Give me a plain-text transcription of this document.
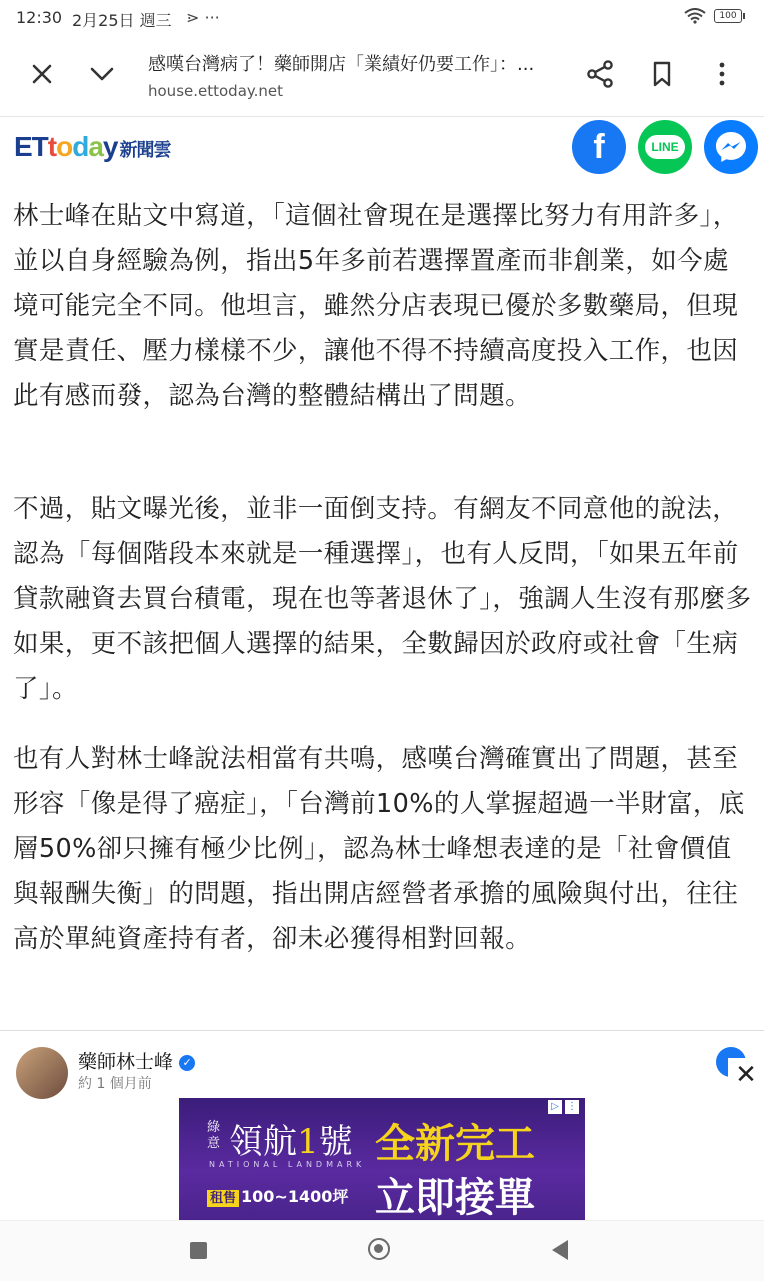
12:30 2月25日 週三 ⋗ ···	100
感嘆台灣病了！藥師開店「業績好仍要工作」：...
house.ettoday.net
ET t o d a y 新聞雲	f	LINE

林士峰在貼文中寫道，「這個社會現在是選擇比努力有用許多」，並以自身經驗為例，指出5年多前若選擇置產而非創業，如今處境可能完全不同。他坦言，雖然分店表現已優於多數藥局，但現實是責任、壓力樣樣不少，讓他不得不持續高度投入工作，也因此有感而發，認為台灣的整體結構出了問題。

不過，貼文曝光後，並非一面倒支持。有網友不同意他的說法，認為「每個階段本來就是一種選擇」，也有人反問，「如果五年前貸款融資去買台積電，現在也等著退休了」，強調人生沒有那麼多如果，更不該把個人選擇的結果，全數歸因於政府或社會「生病了」。

也有人對林士峰說法相當有共鳴，感嘆台灣確實出了問題，甚至形容「像是得了癌症」，「台灣前10%的人掌握超過一半財富，底層50%卻只擁有極少比例」，認為林士峰想表達的是「社會價值與報酬失衡」的問題，指出開店經營者承擔的風險與付出，往往高於單純資產持有者，卻未必獲得相對回報。

藥師林士峰 ✓
約 1 個月前	✕
綠意 領航1號
NATIONAL LANDMARK 全新完工
立即接單
租售 100~1400坪
▷ ⋮
